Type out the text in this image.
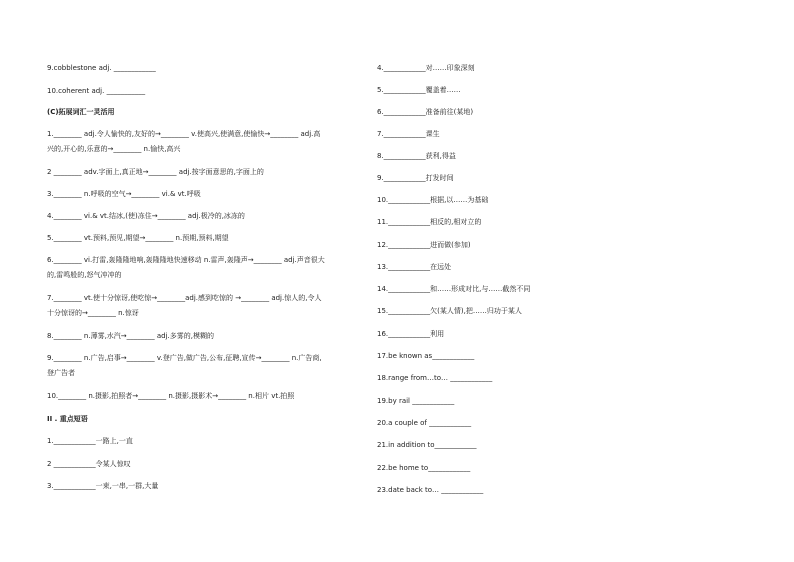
9.cobblestone adj. ____________
10.coherent adj. ___________
(C)拓展词汇一灵活用
1.________ adj.令人愉快的,友好的→________ v.使高兴,使满意,使愉快→________ adj.高
兴的,开心的,乐意的→________ n.愉快,高兴
2 ________ adv.字面上,真正地→________ adj.按字面意思的,字面上的
3.________ n.呼吸的空气→________ vi.& vt.呼吸
4.________ vi.& vt.结冰,(使)冻住→________ adj.极冷的,冰冻的
5.________ vt.预料,预见,期望→________ n.预期,预料,期望
6.________ vi.打雷,轰隆隆地响,轰隆隆地快速移动 n.雷声,轰隆声→________ adj.声音很大
的,雷鸣般的,怒气冲冲的
7.________ vt.使十分惊讶,使吃惊→________adj.感到吃惊的 →________ adj.惊人的,令人
十分惊讶的→________ n.惊讶
8.________ n.薄雾,水汽→________ adj.多雾的,模糊的
9.________ n.广告,启事→________ v.登广告,做广告,公布,征聘,宣传→________ n.广告商,
登广告者
10.________ n.摄影,拍照者→________ n.摄影,摄影术→________ n.相片 vt.拍照
II . 重点短语
1.____________一路上,一直
2 ____________令某人惊叹
3.____________一束,一串,一群,大量
4.____________对……印象深刻
5.____________覆盖着……
6.____________准备前往(某地)
7.____________课生
8.____________获利,得益
9.____________打发时间
10.____________根据,以……为基础
11.____________相反的,相对立的
12.____________进而做(参加)
13.____________在远处
14.____________和……形成对比,与……截然不同
15.____________欠(某人情),把……归功于某人
16.____________利用
17.be known as____________
18.range from…to… ____________
19.by rail ____________
20.a couple of ____________
21.in addition to____________
22.be home to____________
23.date back to… ____________
